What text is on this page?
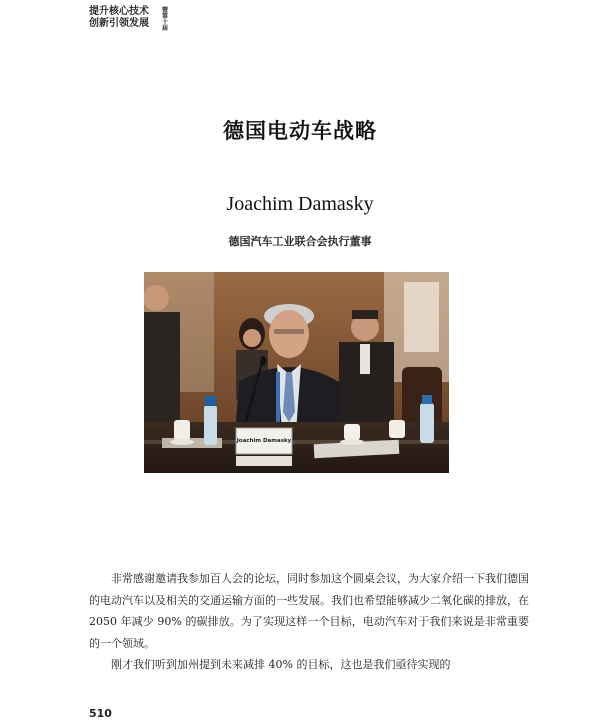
提升核心技术
创新引领发展
暨第十届
德国电动车战略
Joachim Damasky
德国汽车工业联合会执行董事
Joachim Damasky

非常感谢邀请我参加百人会的论坛，同时参加这个圆桌会议，为大家介绍一下我们德国的电动汽车以及相关的交通运输方面的一些发展。我们也希望能够减少二氧化碳的排放，在 2050 年减少 90% 的碳排放。为了实现这样一个目标，电动汽车对于我们来说是非常重要的一个领域。

刚才我们听到加州提到未来减排 40% 的目标，这也是我们亟待实现的

510
